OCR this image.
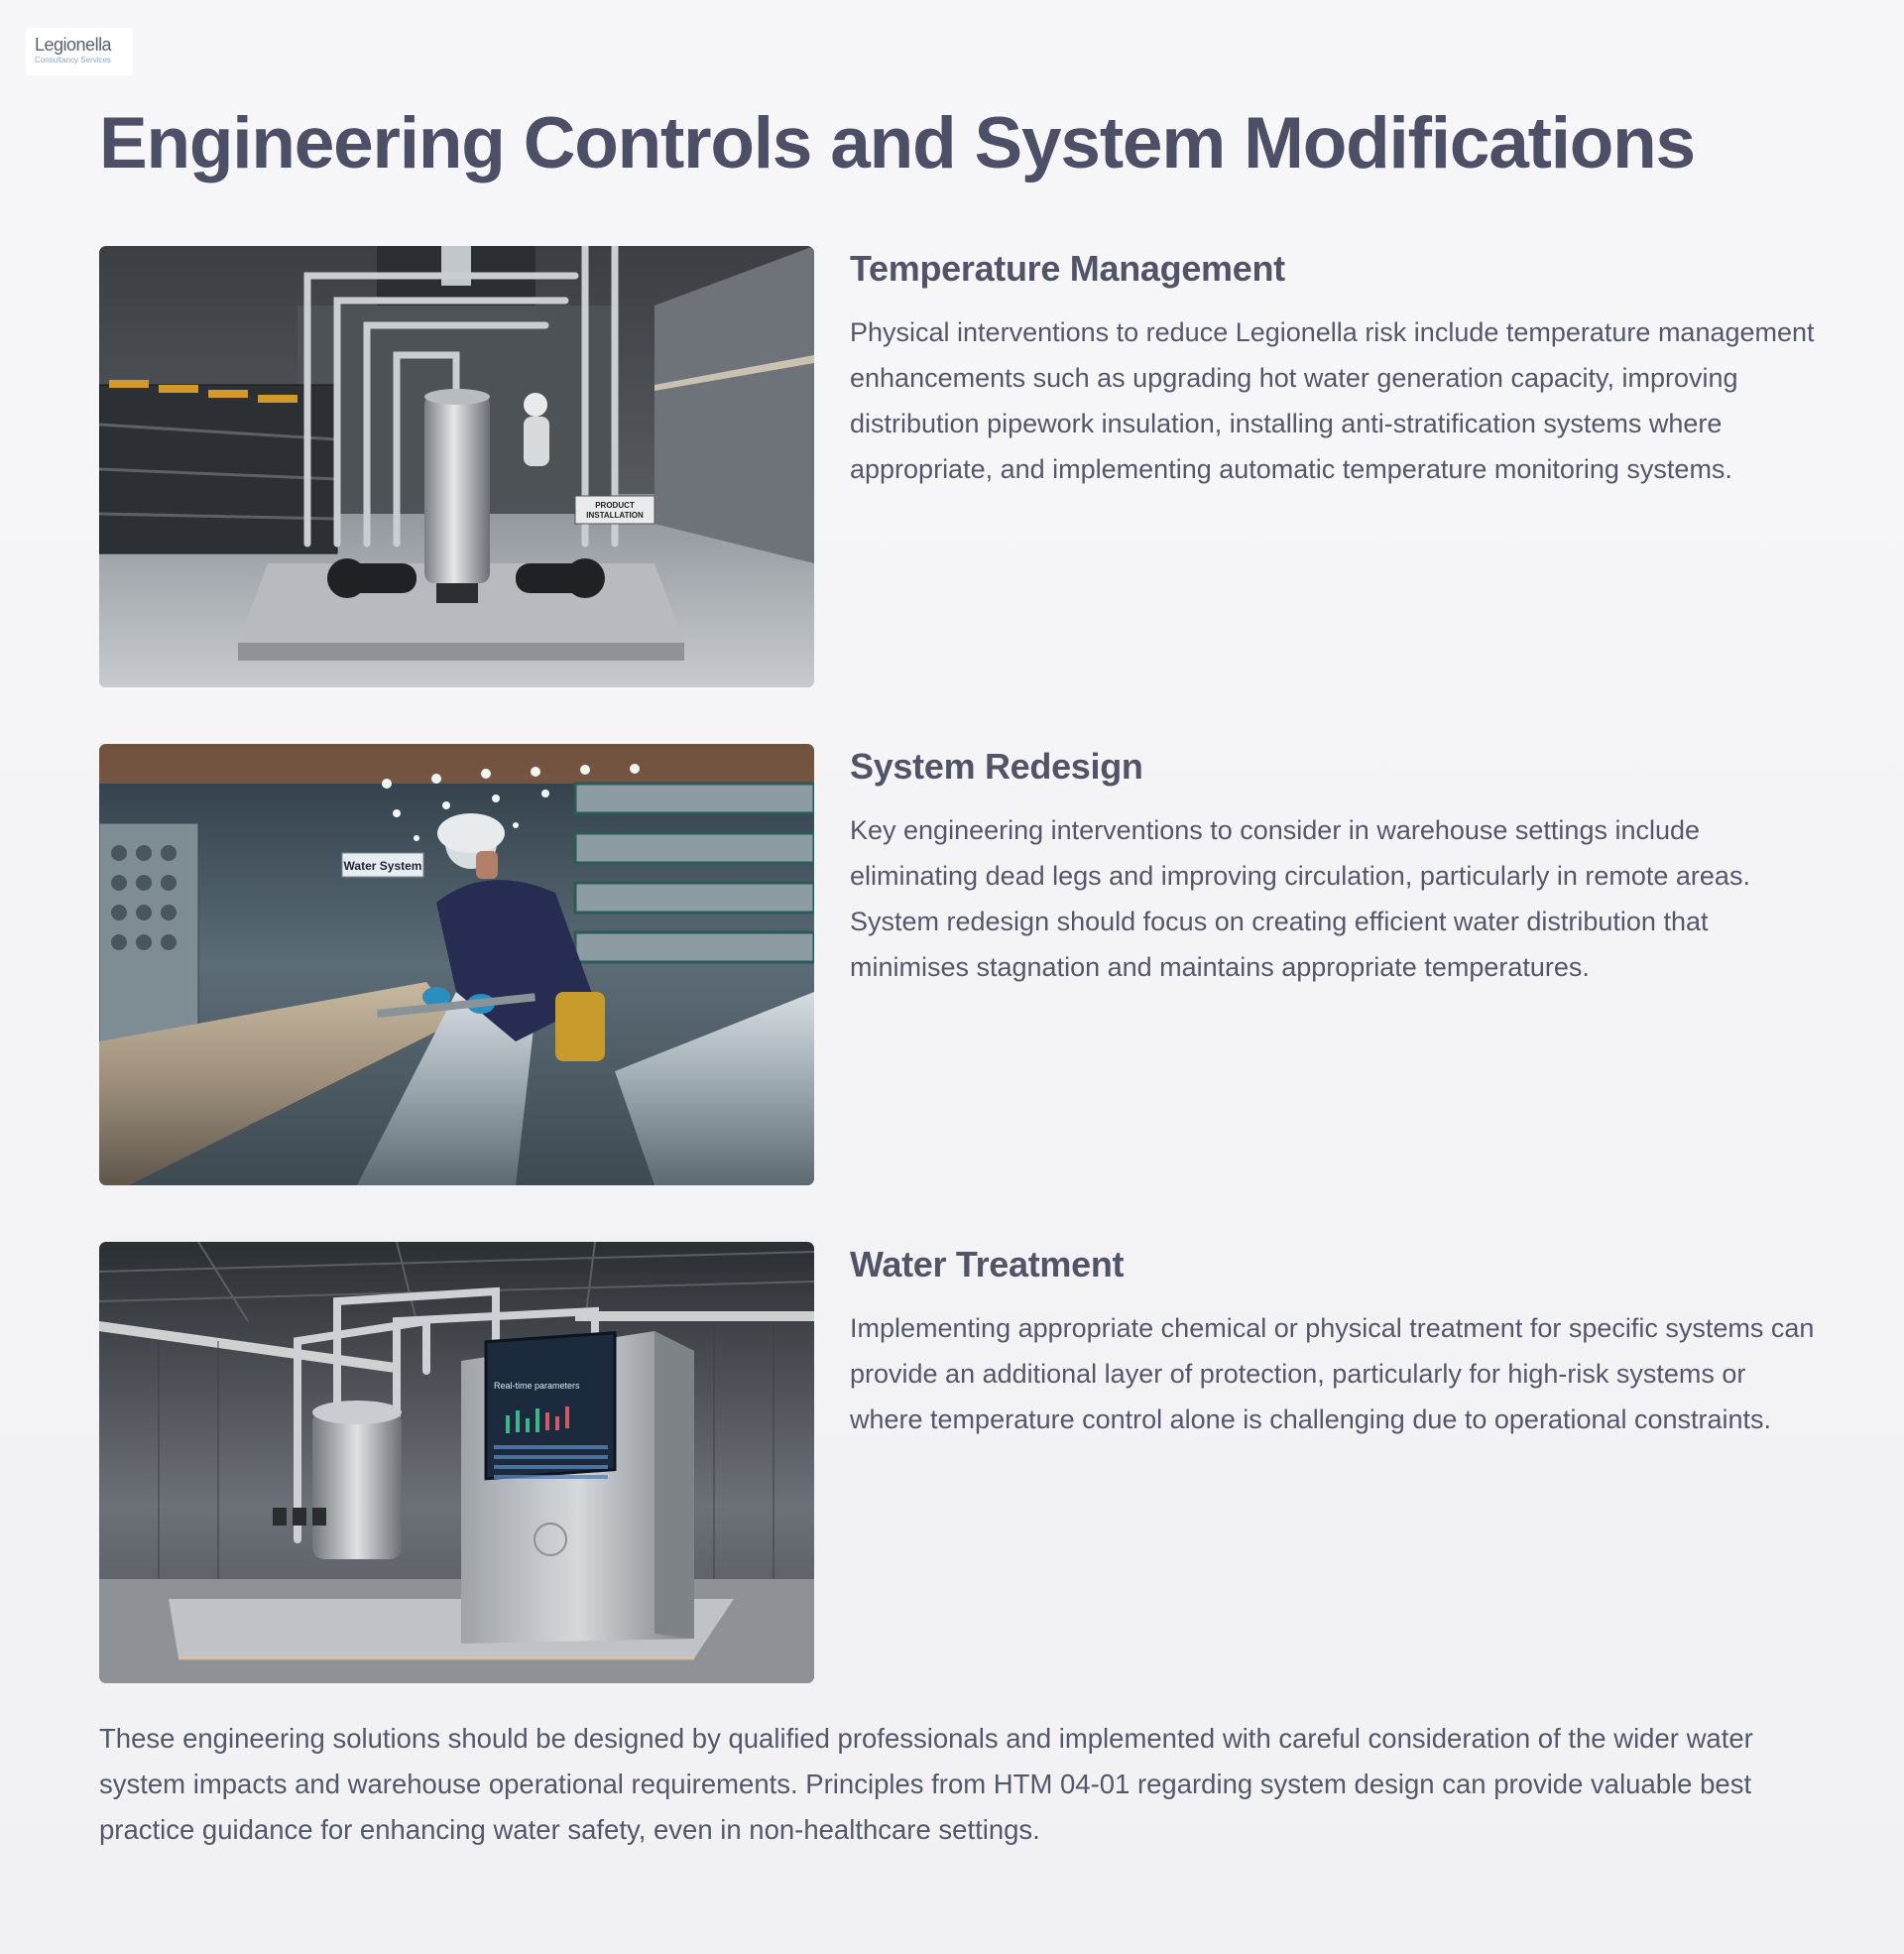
Legionella
Consultancy Services
Engineering Controls and System Modifications
PRODUCT
INSTALLATION
Temperature Management

Physical interventions to reduce Legionella risk include temperature management enhancements such as upgrading hot water generation capacity, improving distribution pipework insulation, installing anti-stratification systems where appropriate, and implementing automatic temperature monitoring systems.

Water System
System Redesign

Key engineering interventions to consider in warehouse settings include eliminating dead legs and improving circulation, particularly in remote areas. System redesign should focus on creating efficient water distribution that minimises stagnation and maintains appropriate temperatures.

Real-time parameters
Water Treatment

Implementing appropriate chemical or physical treatment for specific systems can provide an additional layer of protection, particularly for high-risk systems or where temperature control alone is challenging due to operational constraints.

These engineering solutions should be designed by qualified professionals and implemented with careful consideration of the wider water system impacts and warehouse operational requirements. Principles from HTM 04-01 regarding system design can provide valuable best practice guidance for enhancing water safety, even in non-healthcare settings.
